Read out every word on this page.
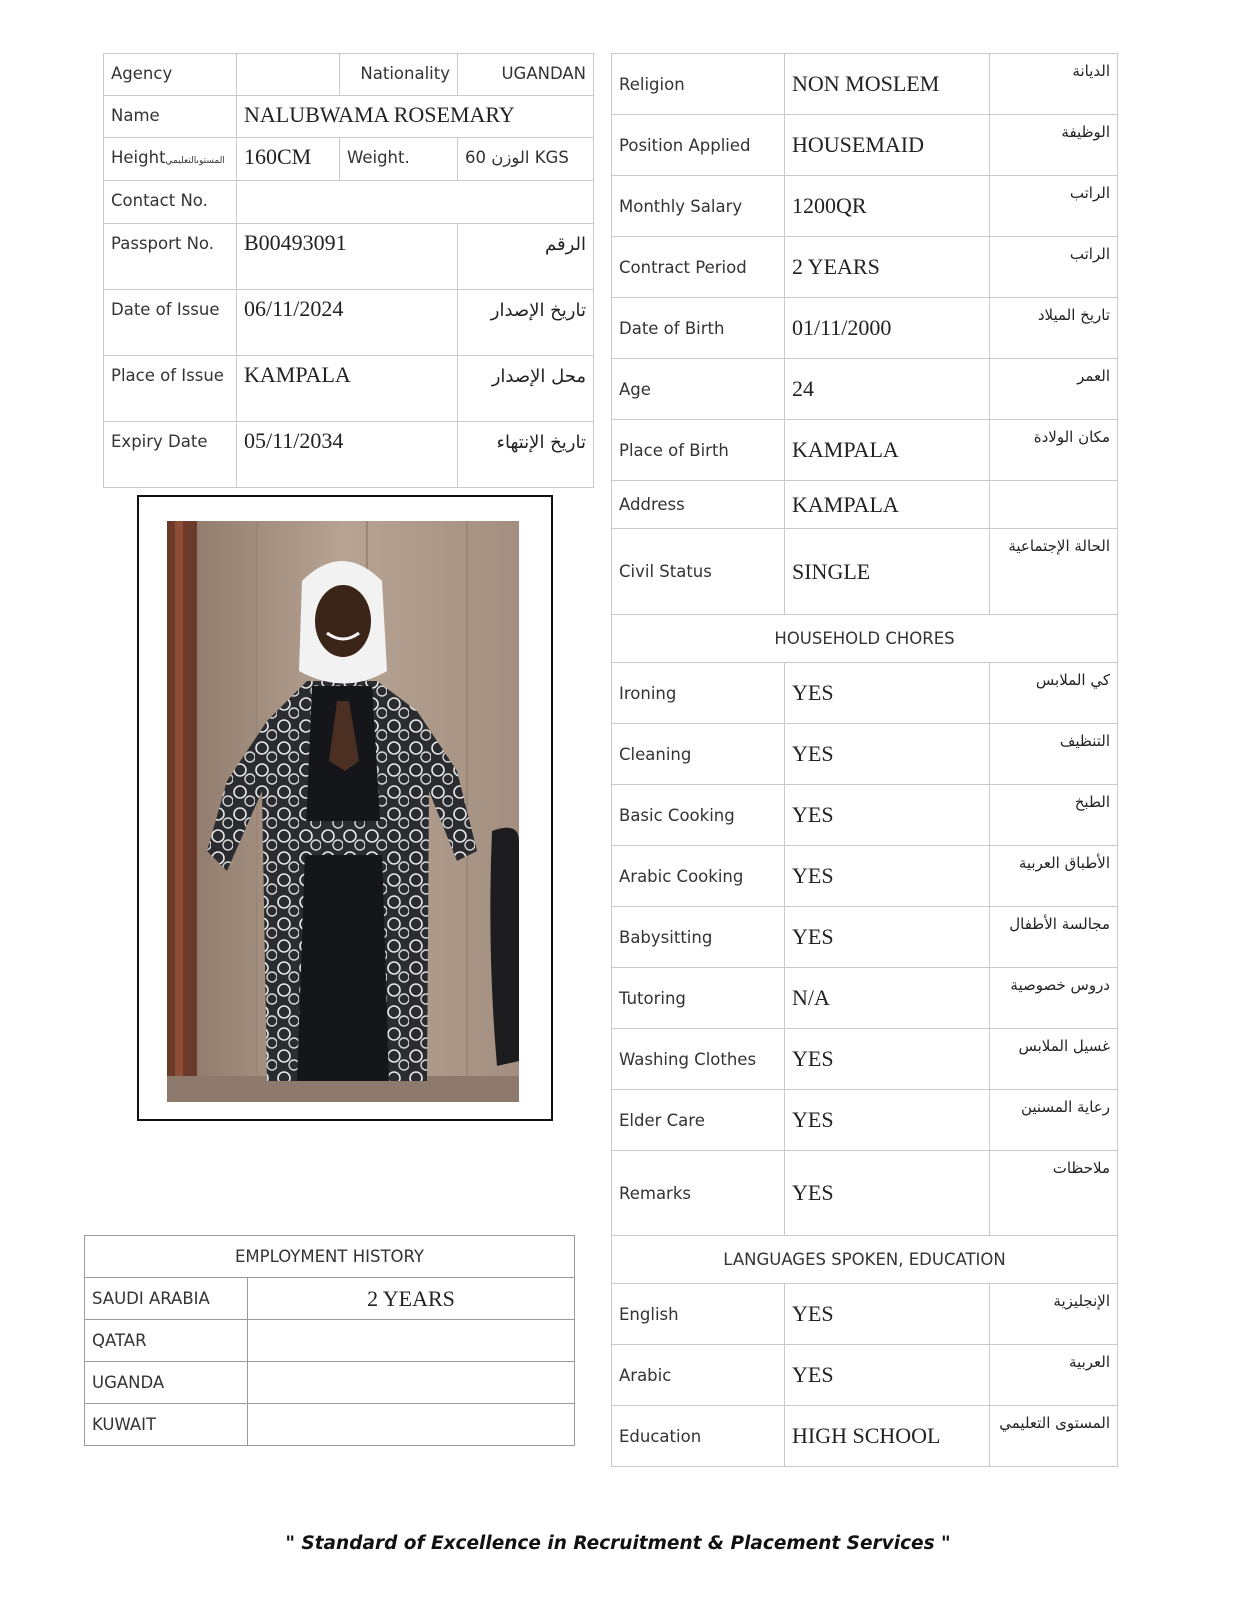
Agency		Nationality	UGANDAN
Name	NALUBWAMA ROSEMARY		
Heightالمستوىالتعليمي	160CM	Weight.	60 الوزن KGS
Contact No.			
Passport No.	B00493091		الرقم
Date of Issue	06/11/2024		تاريخ الإصدار
Place of Issue	KAMPALA		محل الإصدار
Expiry Date	05/11/2034		تاريخ الإنتهاء
Religion	NON MOSLEM	الديانة
Position Applied	HOUSEMAID	الوظيفة
Monthly Salary	1200QR	الراتب
Contract Period	2 YEARS	الراتب
Date of Birth	01/11/2000	تاريخ الميلاد
Age	24	العمر
Place of Birth	KAMPALA	مكان الولادة
Address	KAMPALA	
Civil Status	SINGLE	الحالة الإجتماعية
HOUSEHOLD CHORES		
Ironing	YES	كي الملابس
Cleaning	YES	التنظيف
Basic Cooking	YES	الطبخ
Arabic Cooking	YES	الأطباق العربية
Babysitting	YES	مجالسة الأطفال
Tutoring	N/A	دروس خصوصية
Washing Clothes	YES	غسيل الملابس
Elder Care	YES	رعاية المسنين
Remarks	YES	ملاحظات
LANGUAGES SPOKEN, EDUCATION		
English	YES	الإنجليزية
Arabic	YES	العربية
Education	HIGH SCHOOL	المستوى التعليمي
EMPLOYMENT HISTORY	
SAUDI ARABIA	2 YEARS
QATAR	
UGANDA	
KUWAIT	
" Standard of Excellence in Recruitment & Placement Services "
